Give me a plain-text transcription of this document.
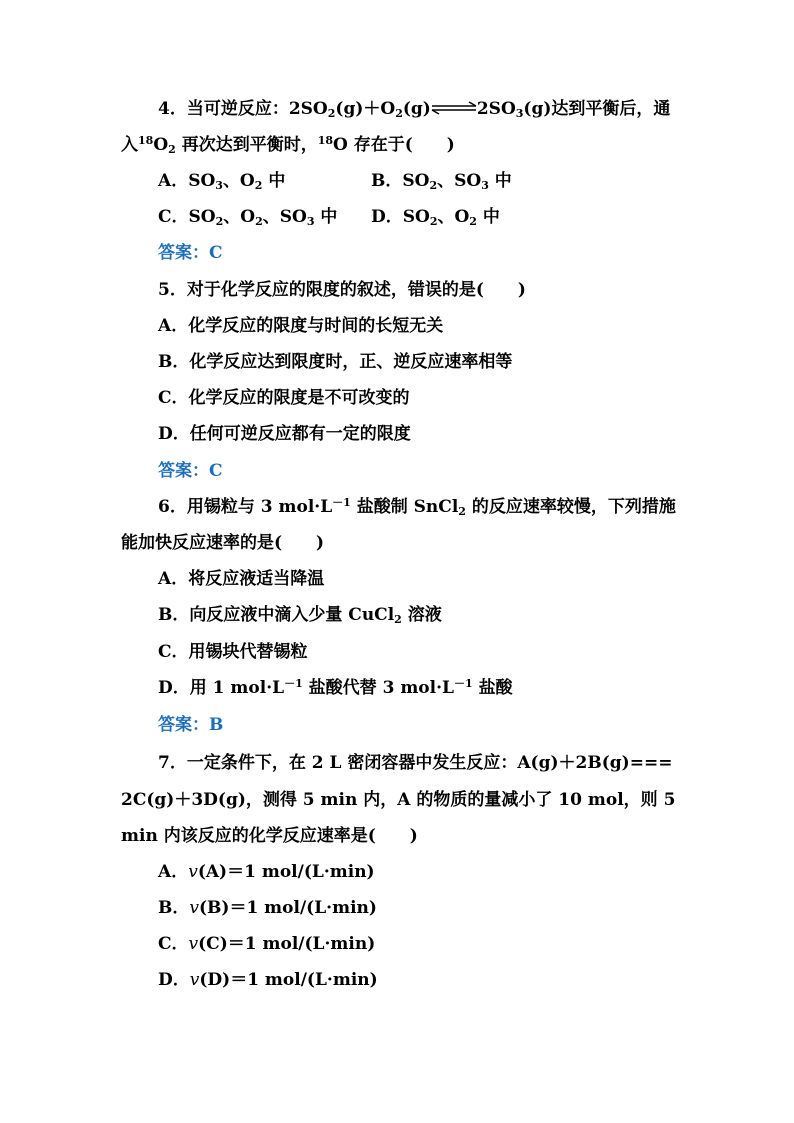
4．当可逆反应：$2SO_2(g)+O_2(g)\rightleftharpoons 2SO_3(g)$达到平衡后，通
入$^{18}O_2$ 再次达到平衡时，$^{18}$O 存在于(　　)
A．$SO_3$、$O_2$ 中	B．$SO_2$、$SO_3$ 中
C．$SO_2$、$O_2$、$SO_3$ 中 D．$SO_2$、$O_2$ 中
答案：C
5．对于化学反应的限度的叙述，错误的是(　　)
A．化学反应的限度与时间的长短无关
B．化学反应达到限度时，正、逆反应速率相等
C．化学反应的限度是不可改变的
D．任何可逆反应都有一定的限度
答案：C
6．用锡粒与 3 $mol\cdot L^{-1}$ 盐酸制 SnCl$_2$ 的反应速率较慢，下列措施
能加快反应速率的是(　　)
A．将反应液适当降温
B．向反应液中滴入少量 CuCl$_2$ 溶液
C．用锡块代替锡粒
D．用 1 $mol\cdot L^{-1}$ 盐酸代替 3 $mol\cdot L^{-1}$ 盐酸
答案：B
7．一定条件下，在 2 L 密闭容器中发生反应：A(g)＋2B(g)===
2C(g)＋3D(g)，测得 5 min 内，A 的物质的量减小了 10 mol，则 5
min 内该反应的化学反应速率是(　　)
A．v(A)＝1 mol/(L·min)
B．v(B)＝1 mol/(L·min)
C．v(C)＝1 mol/(L·min)
D．v(D)＝1 mol/(L·min)
